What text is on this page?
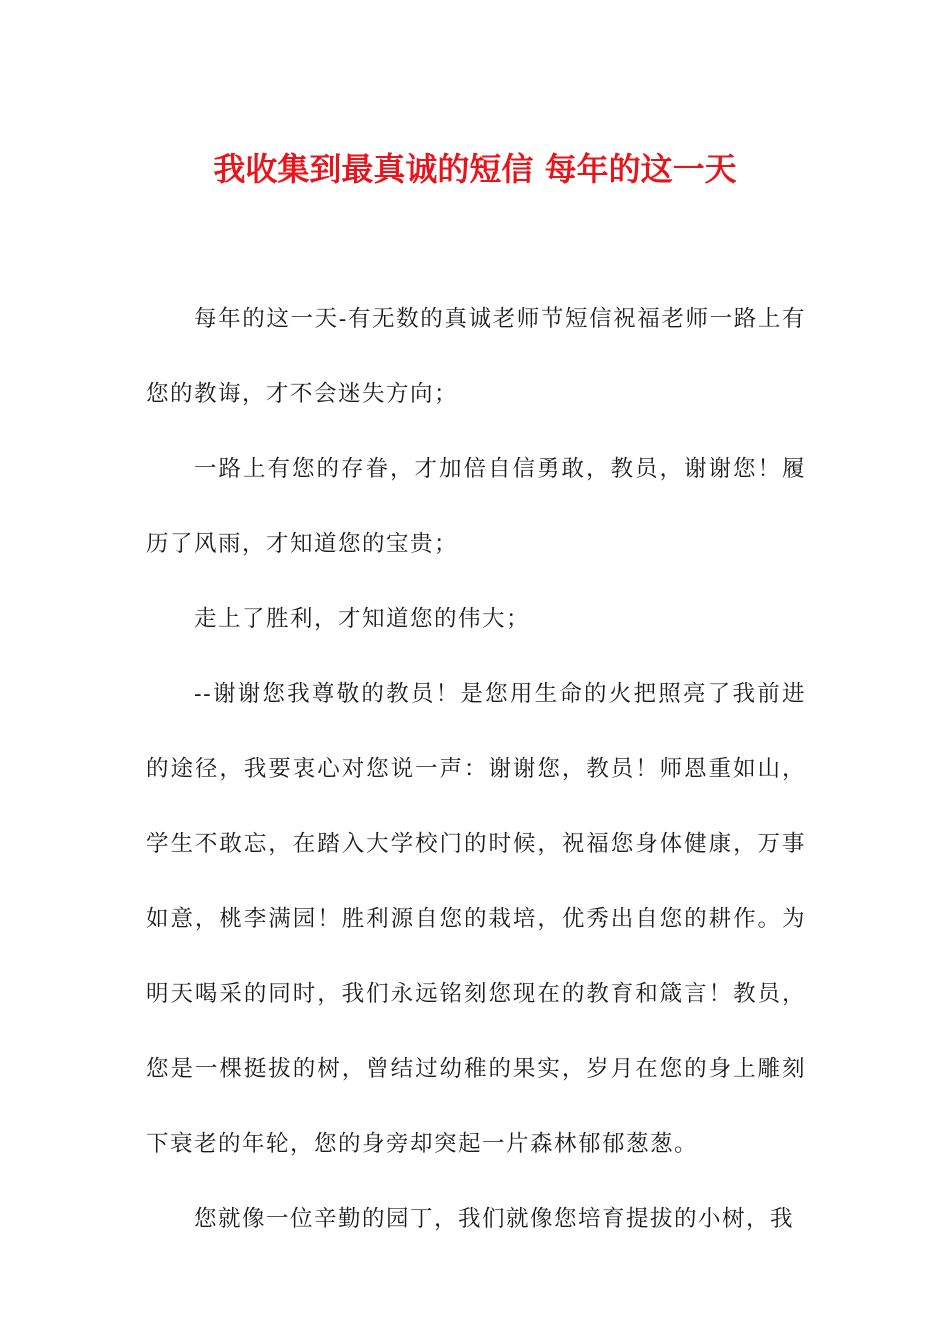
我收集到最真诚的短信 每年的这一天

每年的这一天-有无数的真诚老师节短信祝福老师一路上有您的教诲，才不会迷失方向；

一路上有您的存眷，才加倍自信勇敢，教员，谢谢您！履历了风雨，才知道您的宝贵；

走上了胜利，才知道您的伟大；

--谢谢您我尊敬的教员！是您用生命的火把照亮了我前进的途径，我要衷心对您说一声：谢谢您，教员！师恩重如山，学生不敢忘，在踏入大学校门的时候，祝福您身体健康，万事如意，桃李满园！胜利源自您的栽培，优秀出自您的耕作。为明天喝采的同时，我们永远铭刻您现在的教育和箴言！教员，您是一棵挺拔的树，曾结过幼稚的果实，岁月在您的身上雕刻下衰老的年轮，您的身旁却突起一片森林郁郁葱葱。

您就像一位辛勤的园丁，我们就像您培育提拔的小树，我
